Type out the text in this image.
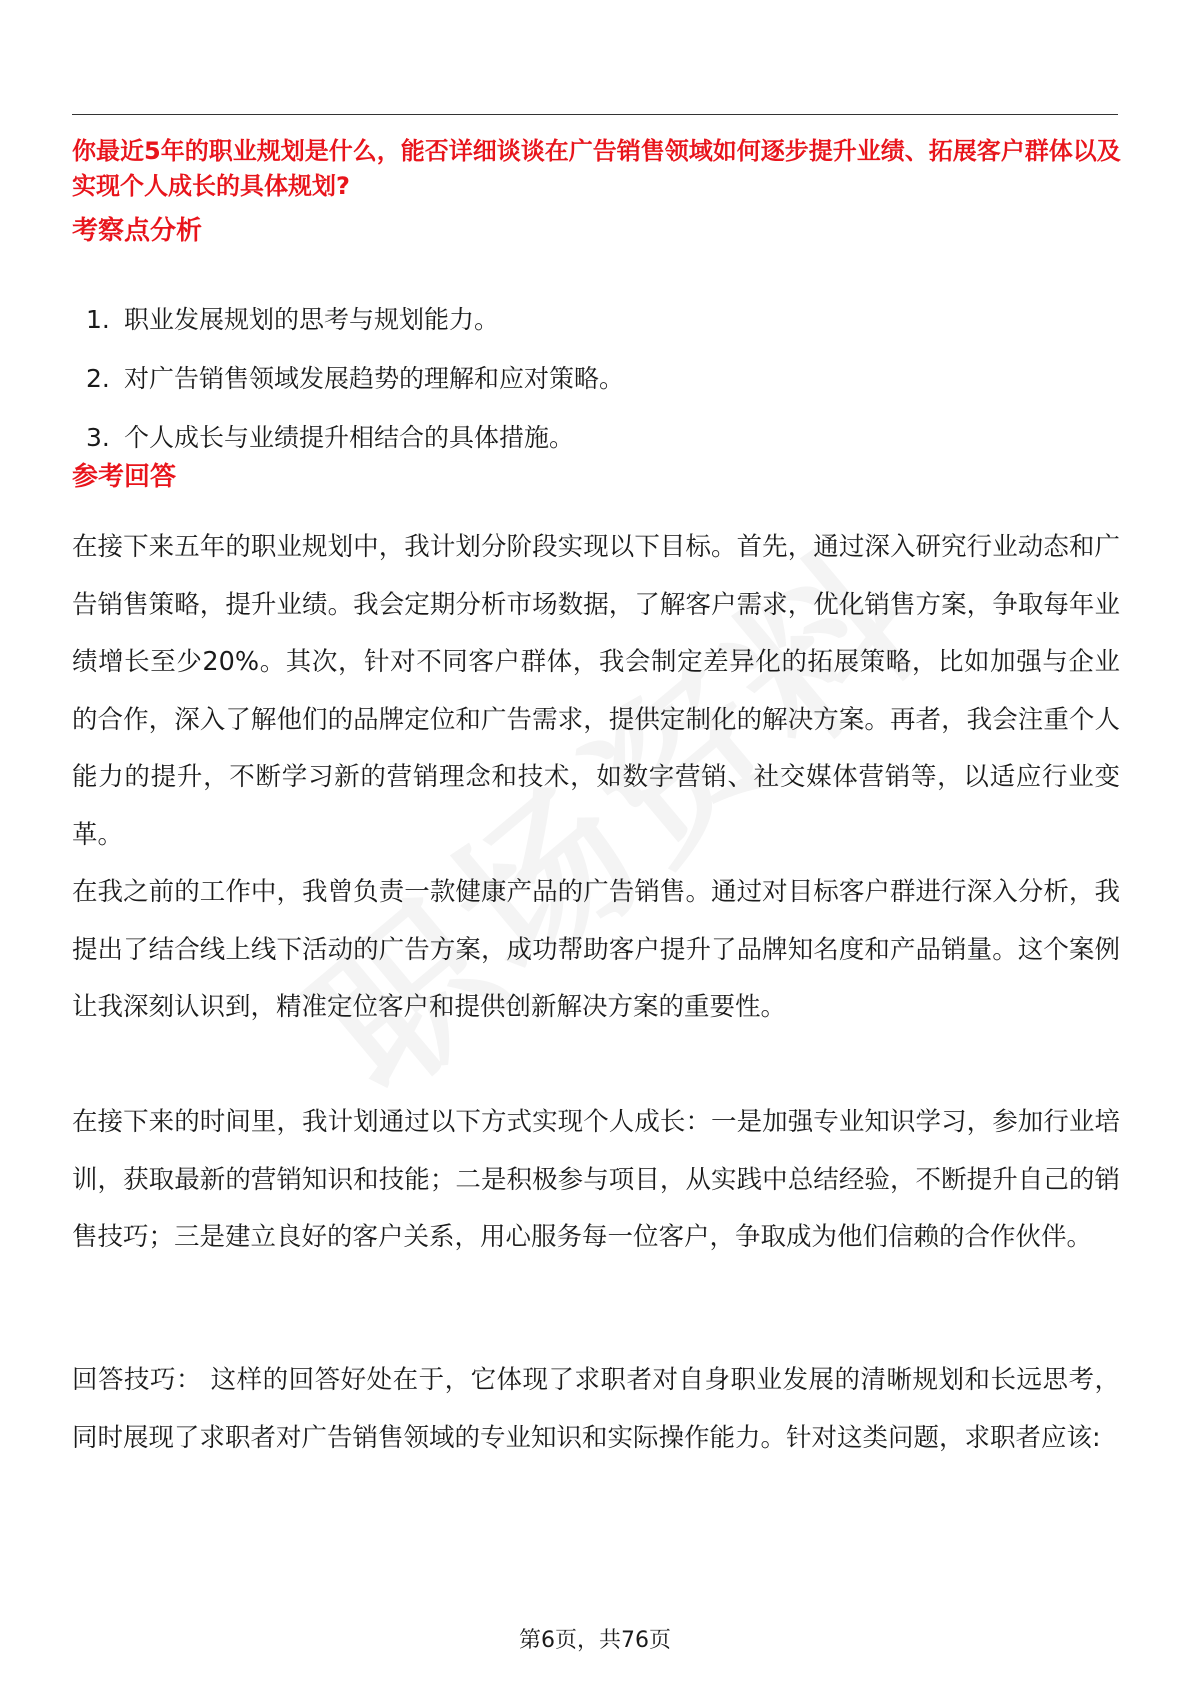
你最近5年的职业规划是什么，能否详细谈谈在广告销售领域如何逐步提升业绩、拓展客户群体以及实现个人成长的具体规划?
考察点分析
1. 职业发展规划的思考与规划能力。
2. 对广告销售领域发展趋势的理解和应对策略。
3. 个人成长与业绩提升相结合的具体措施。
参考回答

在接下来五年的职业规划中，我计划分阶段实现以下目标。首先，通过深入研究行业动态和广告销售策略，提升业绩。我会定期分析市场数据，了解客户需求，优化销售方案，争取每年业绩增长至少20%。其次，针对不同客户群体，我会制定差异化的拓展策略，比如加强与企业的合作，深入了解他们的品牌定位和广告需求，提供定制化的解决方案。再者，我会注重个人能力的提升，不断学习新的营销理念和技术，如数字营销、社交媒体营销等，以适应行业变革。

在我之前的工作中，我曾负责一款健康产品的广告销售。通过对目标客户群进行深入分析，我提出了结合线上线下活动的广告方案，成功帮助客户提升了品牌知名度和产品销量。这个案例让我深刻认识到，精准定位客户和提供创新解决方案的重要性。

在接下来的时间里，我计划通过以下方式实现个人成长：一是加强专业知识学习，参加行业培训，获取最新的营销知识和技能；二是积极参与项目，从实践中总结经验，不断提升自己的销售技巧；三是建立良好的客户关系，用心服务每一位客户，争取成为他们信赖的合作伙伴。

回答技巧： 这样的回答好处在于，它体现了求职者对自身职业发展的清晰规划和长远思考，同时展现了求职者对广告销售领域的专业知识和实际操作能力。针对这类问题，求职者应该:

第6页，共76页
